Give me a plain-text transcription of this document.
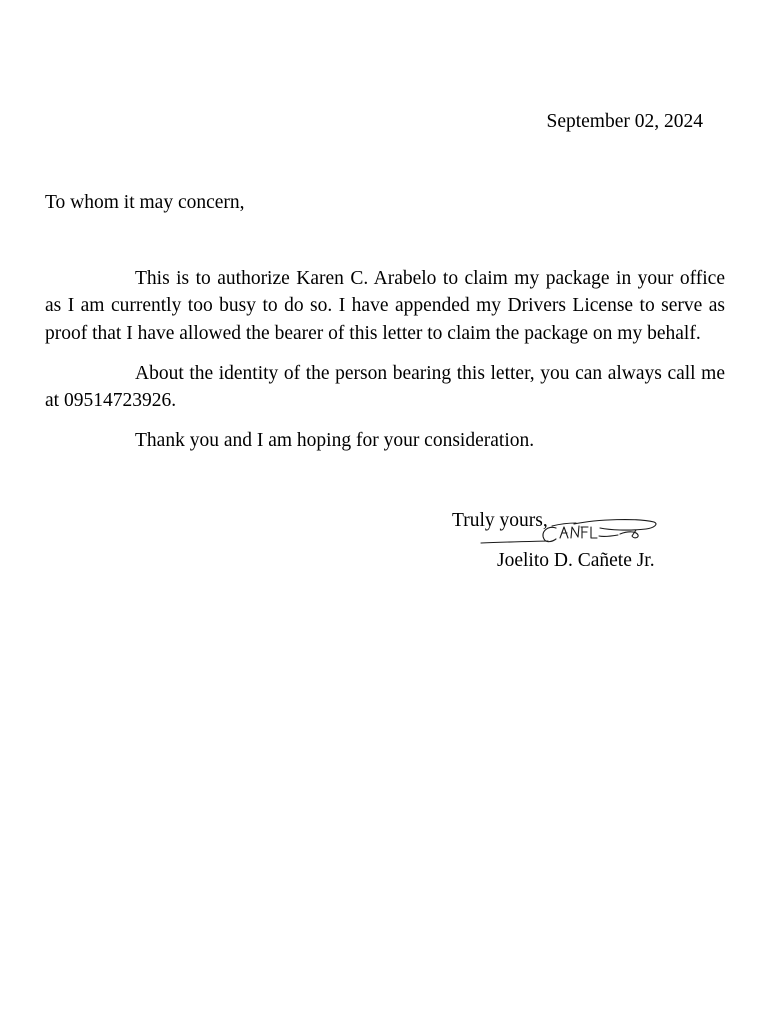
September 02, 2024
To whom it may concern,

This is to authorize Karen C. Arabelo to claim my package in your office as I am currently too busy to do so. I have appended my Drivers License to serve as proof that I have allowed the bearer of this letter to claim the package on my behalf.

About the identity of the person bearing this letter, you can always call me at 09514723926.

Thank you and I am hoping for your consideration.

Truly yours,
Joelito D. Cañete Jr.
